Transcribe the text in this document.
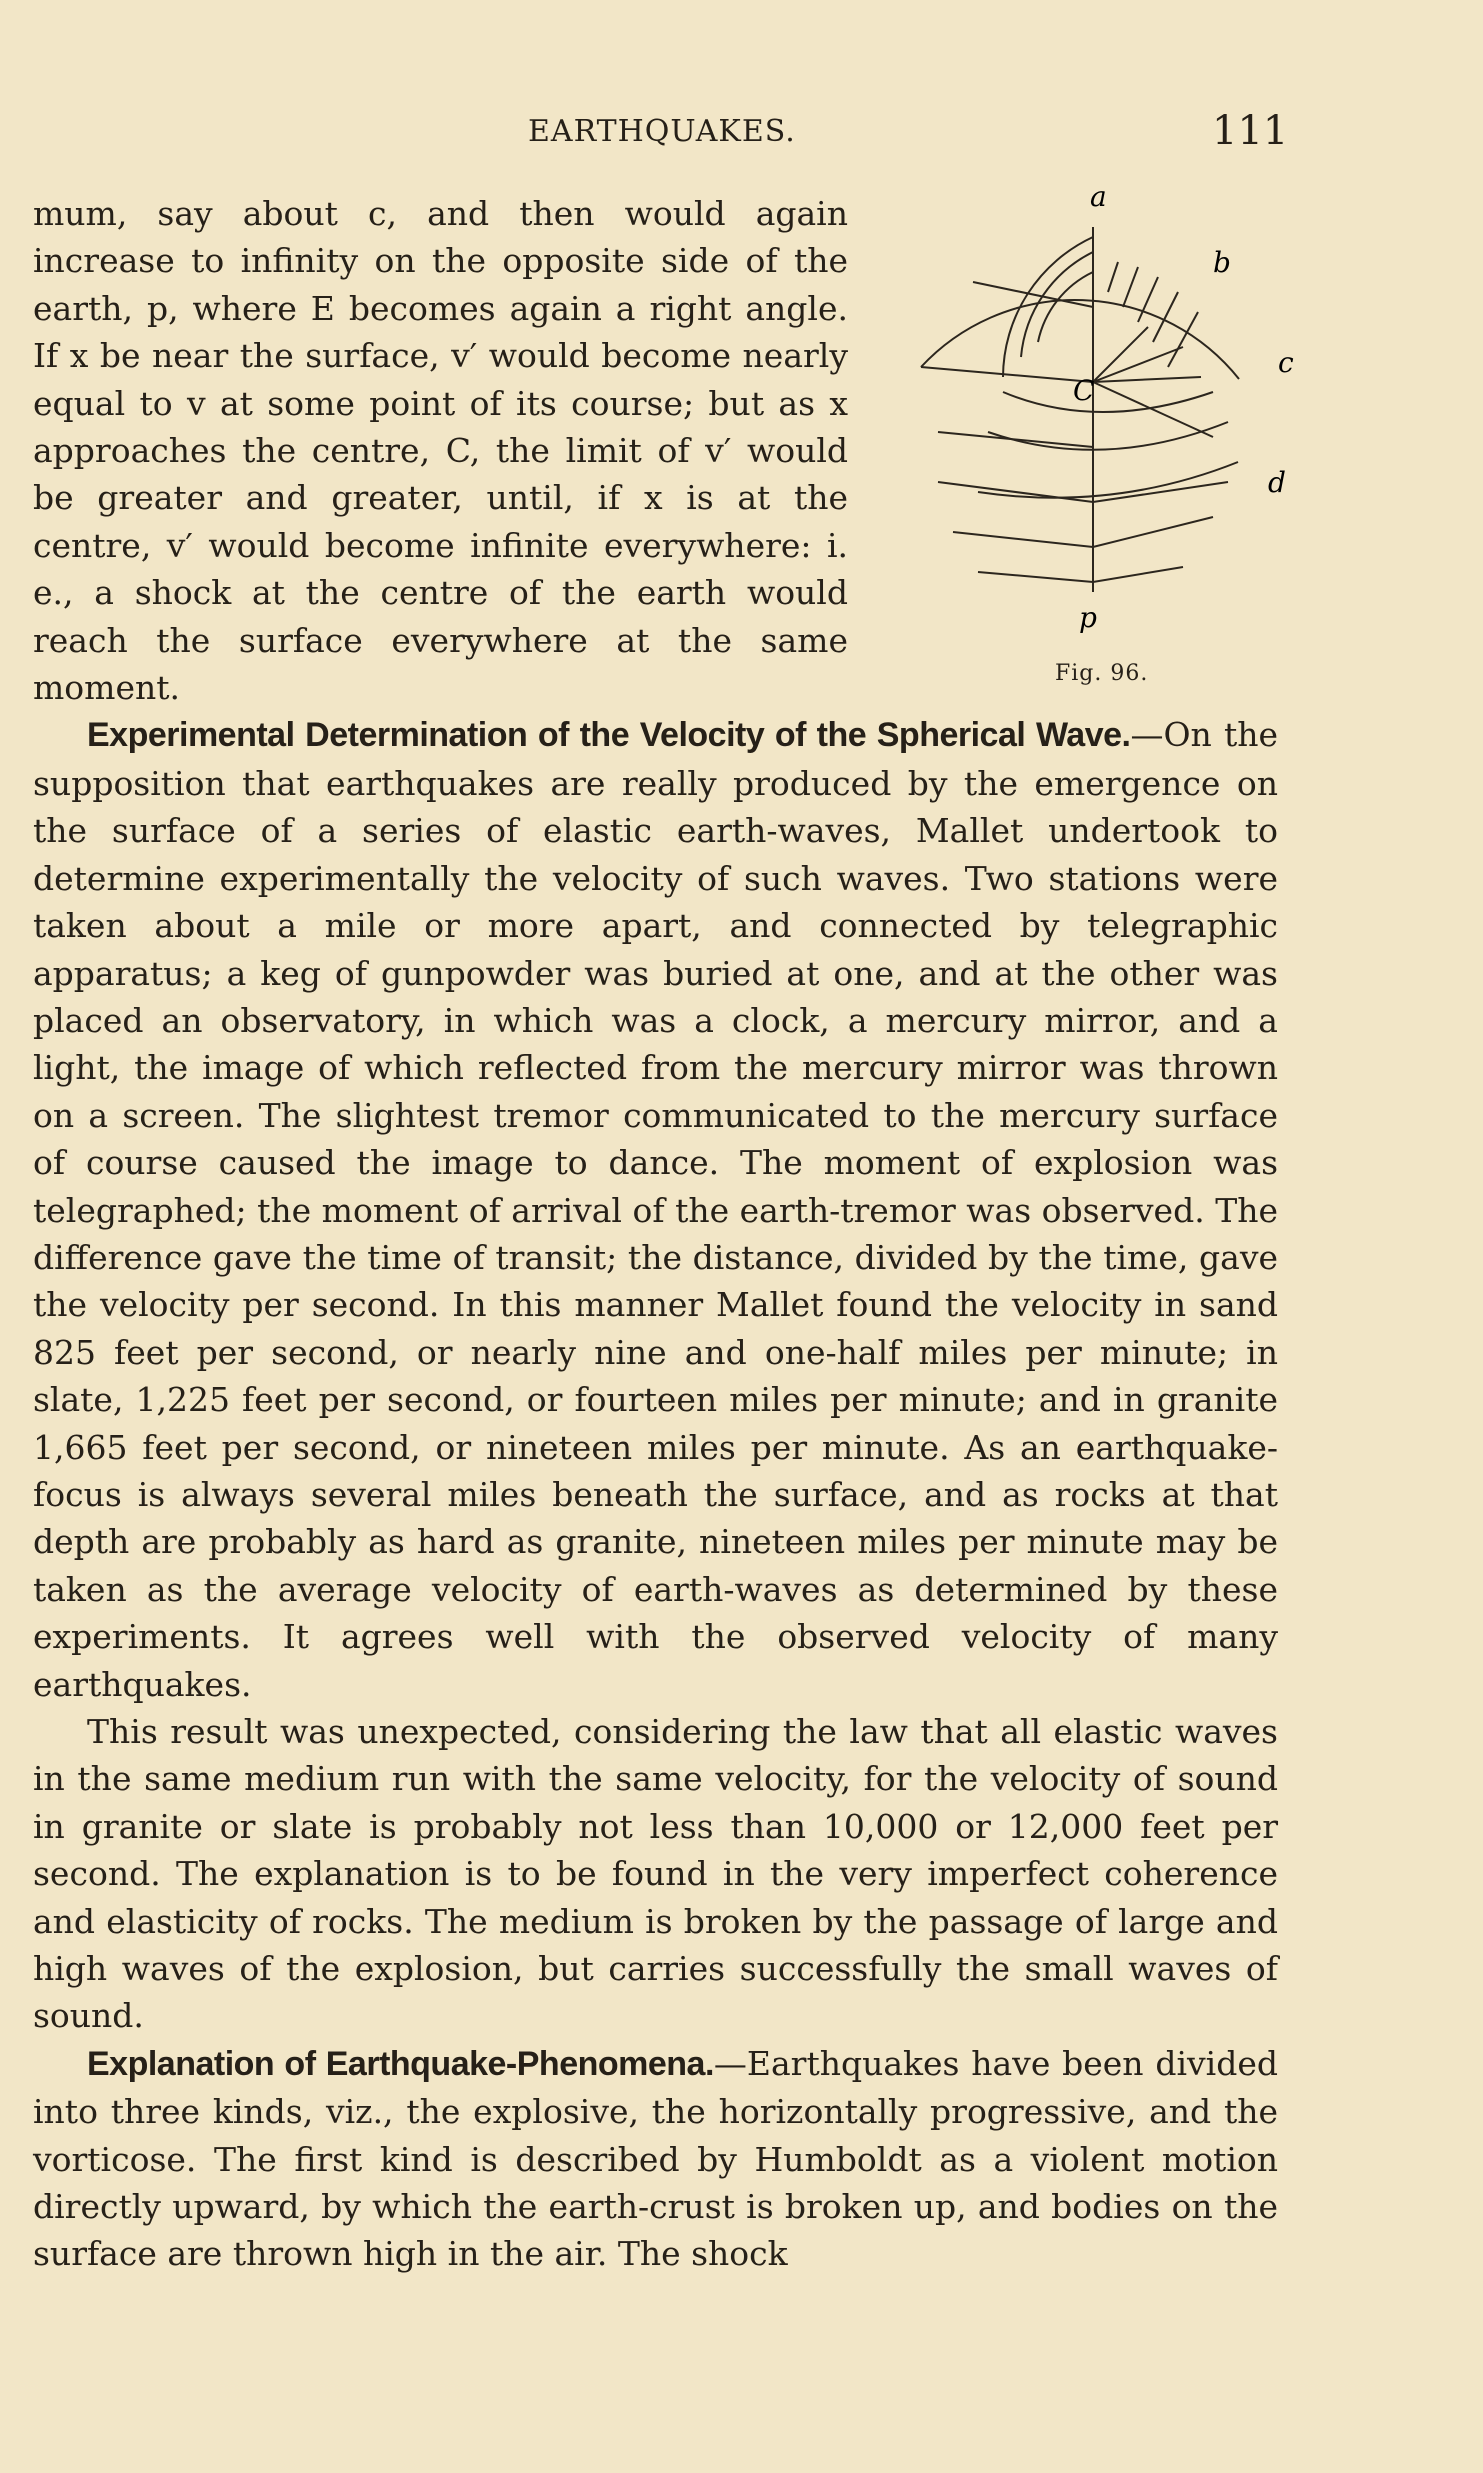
EARTHQUAKES.	111
a
b
c
d
C
p
Fig. 96.

mum, say about c, and then would again increase to infinity on the opposite side of the earth, p, where E becomes again a right angle. If x be near the surface, v′ would become nearly equal to v at some point of its course; but as x approaches the centre, C, the limit of v′ would be greater and greater, until, if x is at the centre, v′ would become infinite everywhere: i. e., a shock at the centre of the earth would reach the surface everywhere at the same moment.

Experimental Determination of the Velocity of the Spherical Wave.—On the supposition that earthquakes are really produced by the emergence on the surface of a series of elastic earth-waves, Mallet undertook to determine experimentally the velocity of such waves. Two stations were taken about a mile or more apart, and connected by telegraphic apparatus; a keg of gunpowder was buried at one, and at the other was placed an observatory, in which was a clock, a mercury mirror, and a light, the image of which reflected from the mercury mirror was thrown on a screen. The slightest tremor communicated to the mercury surface of course caused the image to dance. The moment of explosion was telegraphed; the moment of arrival of the earth-tremor was observed. The difference gave the time of transit; the distance, divided by the time, gave the velocity per second. In this manner Mallet found the velocity in sand 825 feet per second, or nearly nine and one-half miles per minute; in slate, 1,225 feet per second, or fourteen miles per minute; and in granite 1,665 feet per second, or nineteen miles per minute. As an earthquake-focus is always several miles beneath the surface, and as rocks at that depth are probably as hard as granite, nineteen miles per minute may be taken as the average velocity of earth-waves as determined by these experiments. It agrees well with the observed velocity of many earthquakes.

This result was unexpected, considering the law that all elastic waves in the same medium run with the same velocity, for the velocity of sound in granite or slate is probably not less than 10,000 or 12,000 feet per second. The explanation is to be found in the very imperfect coherence and elasticity of rocks. The medium is broken by the passage of large and high waves of the explosion, but carries successfully the small waves of sound.

Explanation of Earthquake-Phenomena.—Earthquakes have been divided into three kinds, viz., the explosive, the horizontally progressive, and the vorticose. The first kind is described by Humboldt as a violent motion directly upward, by which the earth-crust is broken up, and bodies on the surface are thrown high in the air. The shock
